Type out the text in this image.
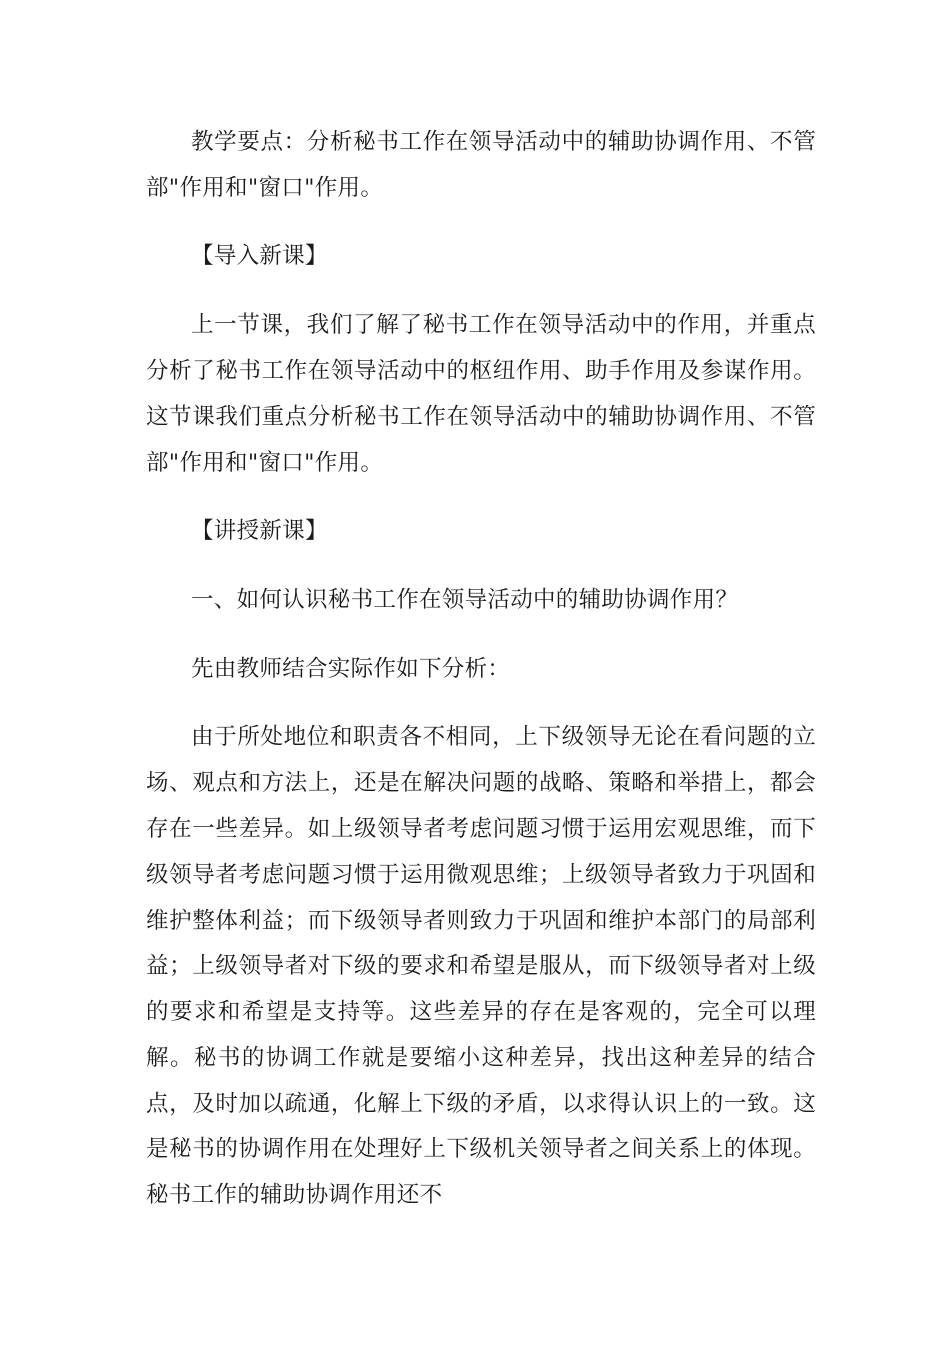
教学要点：分析秘书工作在领导活动中的辅助协调作用、不管部"作用和"窗口"作用。

【导入新课】

上一节课，我们了解了秘书工作在领导活动中的作用，并重点分析了秘书工作在领导活动中的枢纽作用、助手作用及参谋作用。这节课我们重点分析秘书工作在领导活动中的辅助协调作用、不管部"作用和"窗口"作用。

【讲授新课】

一、如何认识秘书工作在领导活动中的辅助协调作用？

先由教师结合实际作如下分析：

由于所处地位和职责各不相同，上下级领导无论在看问题的立场、观点和方法上，还是在解决问题的战略、策略和举措上，都会存在一些差异。如上级领导者考虑问题习惯于运用宏观思维，而下级领导者考虑问题习惯于运用微观思维；上级领导者致力于巩固和维护整体利益；而下级领导者则致力于巩固和维护本部门的局部利益；上级领导者对下级的要求和希望是服从，而下级领导者对上级的要求和希望是支持等。这些差异的存在是客观的，完全可以理解。秘书的协调工作就是要缩小这种差异，找出这种差异的结合点，及时加以疏通，化解上下级的矛盾，以求得认识上的一致。这是秘书的协调作用在处理好上下级机关领导者之间关系上的体现。秘书工作的辅助协调作用还不
